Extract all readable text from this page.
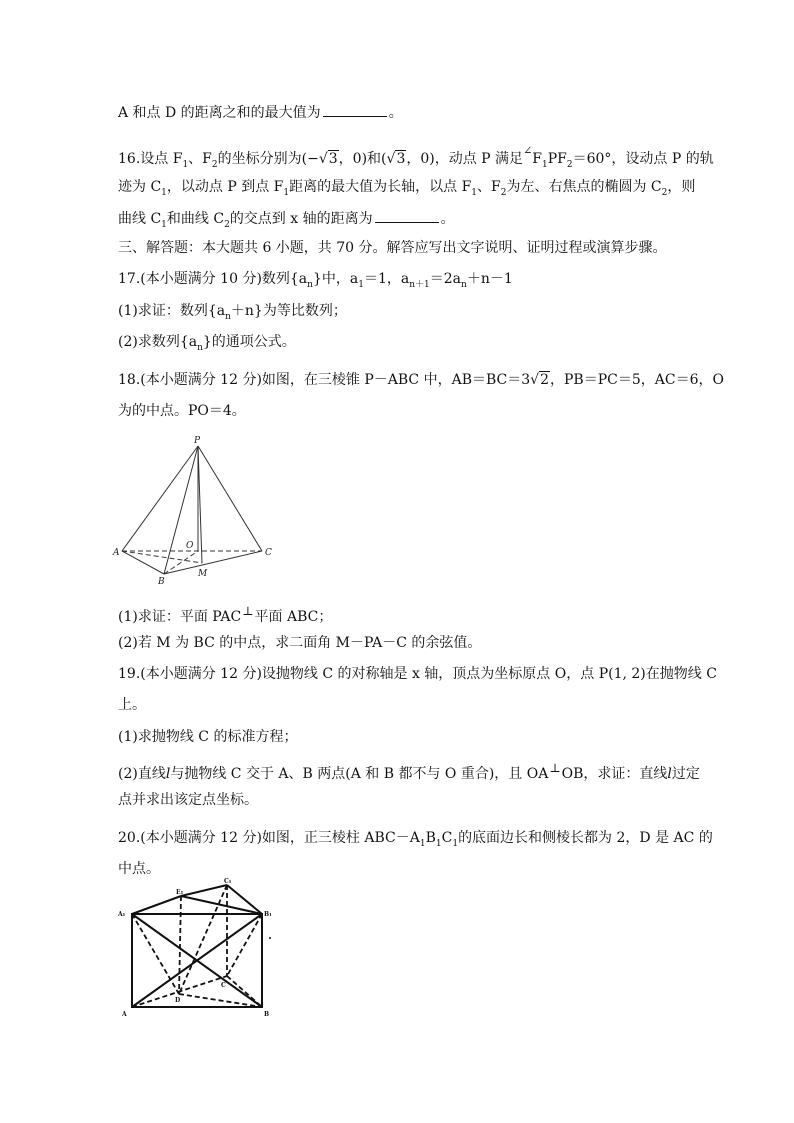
A 和点 D 的距离之和的最大值为	。
16.设点 $F_1$、$F_2$的坐标分别为(−√3，0)和(√3，0)，动点 P 满足$^\angle F_1PF_2=60^\circ$，设动点 P 的轨
迹为 $C_1$，以动点 P 到点 $F_1$距离的最大值为长轴，以点 $F_1$、$F_2$为左、右焦点的椭圆为 $C_2$，则
曲线 $C_1$和曲线 $C_2$的交点到 x 轴的距离为	。
三、解答题：本大题共 6 小题，共 70 分。解答应写出文字说明、证明过程或演算步骤。
17.(本小题满分 10 分)数列$\{a_n\}$中，$a_1=1$，$a_{n+1}=2a_n+n-1$
(1)求证：数列$\{a_n+n\}$为等比数列；
(2)求数列$\{a_n\}$的通项公式。
18.(本小题满分 12 分)如图，在三棱锥 P－ABC 中，AB＝BC＝3√2，PB＝PC＝5，AC＝6，O
为的中点。PO＝4。
P
A
B
C
O
M
(1)求证：平面 PAC⊥平面 ABC；
(2)若 M 为 BC 的中点，求二面角 M－PA－C 的余弦值。
19.(本小题满分 12 分)设抛物线 C 的对称轴是 x 轴，顶点为坐标原点 O，点 P(1, 2)在抛物线 C
上。
(1)求抛物线 C 的标准方程；
(2)直线l与抛物线 C 交于 A、B 两点(A 和 B 都不与 O 重合)，且 OA⊥OB，求证：直线l过定
点并求出该定点坐标。
20.(本小题满分 12 分)如图，正三棱柱 $ABC-A_1B_1C_1$的底面边长和侧棱长都为 2，D 是 AC 的
中点。
C₁
E₁
A₁	B₁
A	B
C
D
